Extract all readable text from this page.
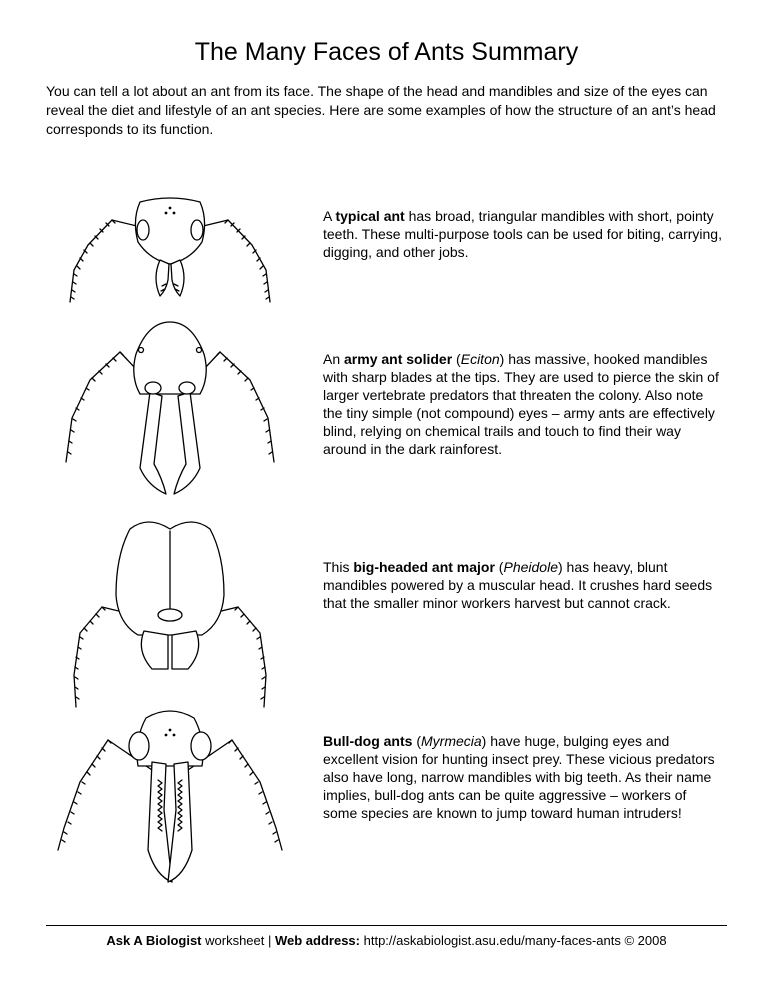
The Many Faces of Ants Summary

You can tell a lot about an ant from its face. The shape of the head and mandibles and size of the eyes can reveal the diet and lifestyle of an ant species. Here are some examples of how the structure of an ant’s head corresponds to its function.

A typical ant has broad, triangular mandibles with short, pointy teeth. These multi-purpose tools can be used for biting, carrying, digging, and other jobs.

An army ant solider (Eciton) has massive, hooked mandibles with sharp blades at the tips. They are used to pierce the skin of larger vertebrate predators that threaten the colony. Also note the tiny simple (not compound) eyes – army ants are effectively blind, relying on chemical trails and touch to find their way around in the dark rainforest.

This big-headed ant major (Pheidole) has heavy, blunt mandibles powered by a muscular head. It crushes hard seeds that the smaller minor workers harvest but cannot crack.

Bull-dog ants (Myrmecia) have huge, bulging eyes and excellent vision for hunting insect prey. These vicious predators also have long, narrow mandibles with big teeth. As their name implies, bull-dog ants can be quite aggressive – workers of some species are known to jump toward human intruders!

Ask A Biologist worksheet | Web address: http://askabiologist.asu.edu/many-faces-ants © 2008
